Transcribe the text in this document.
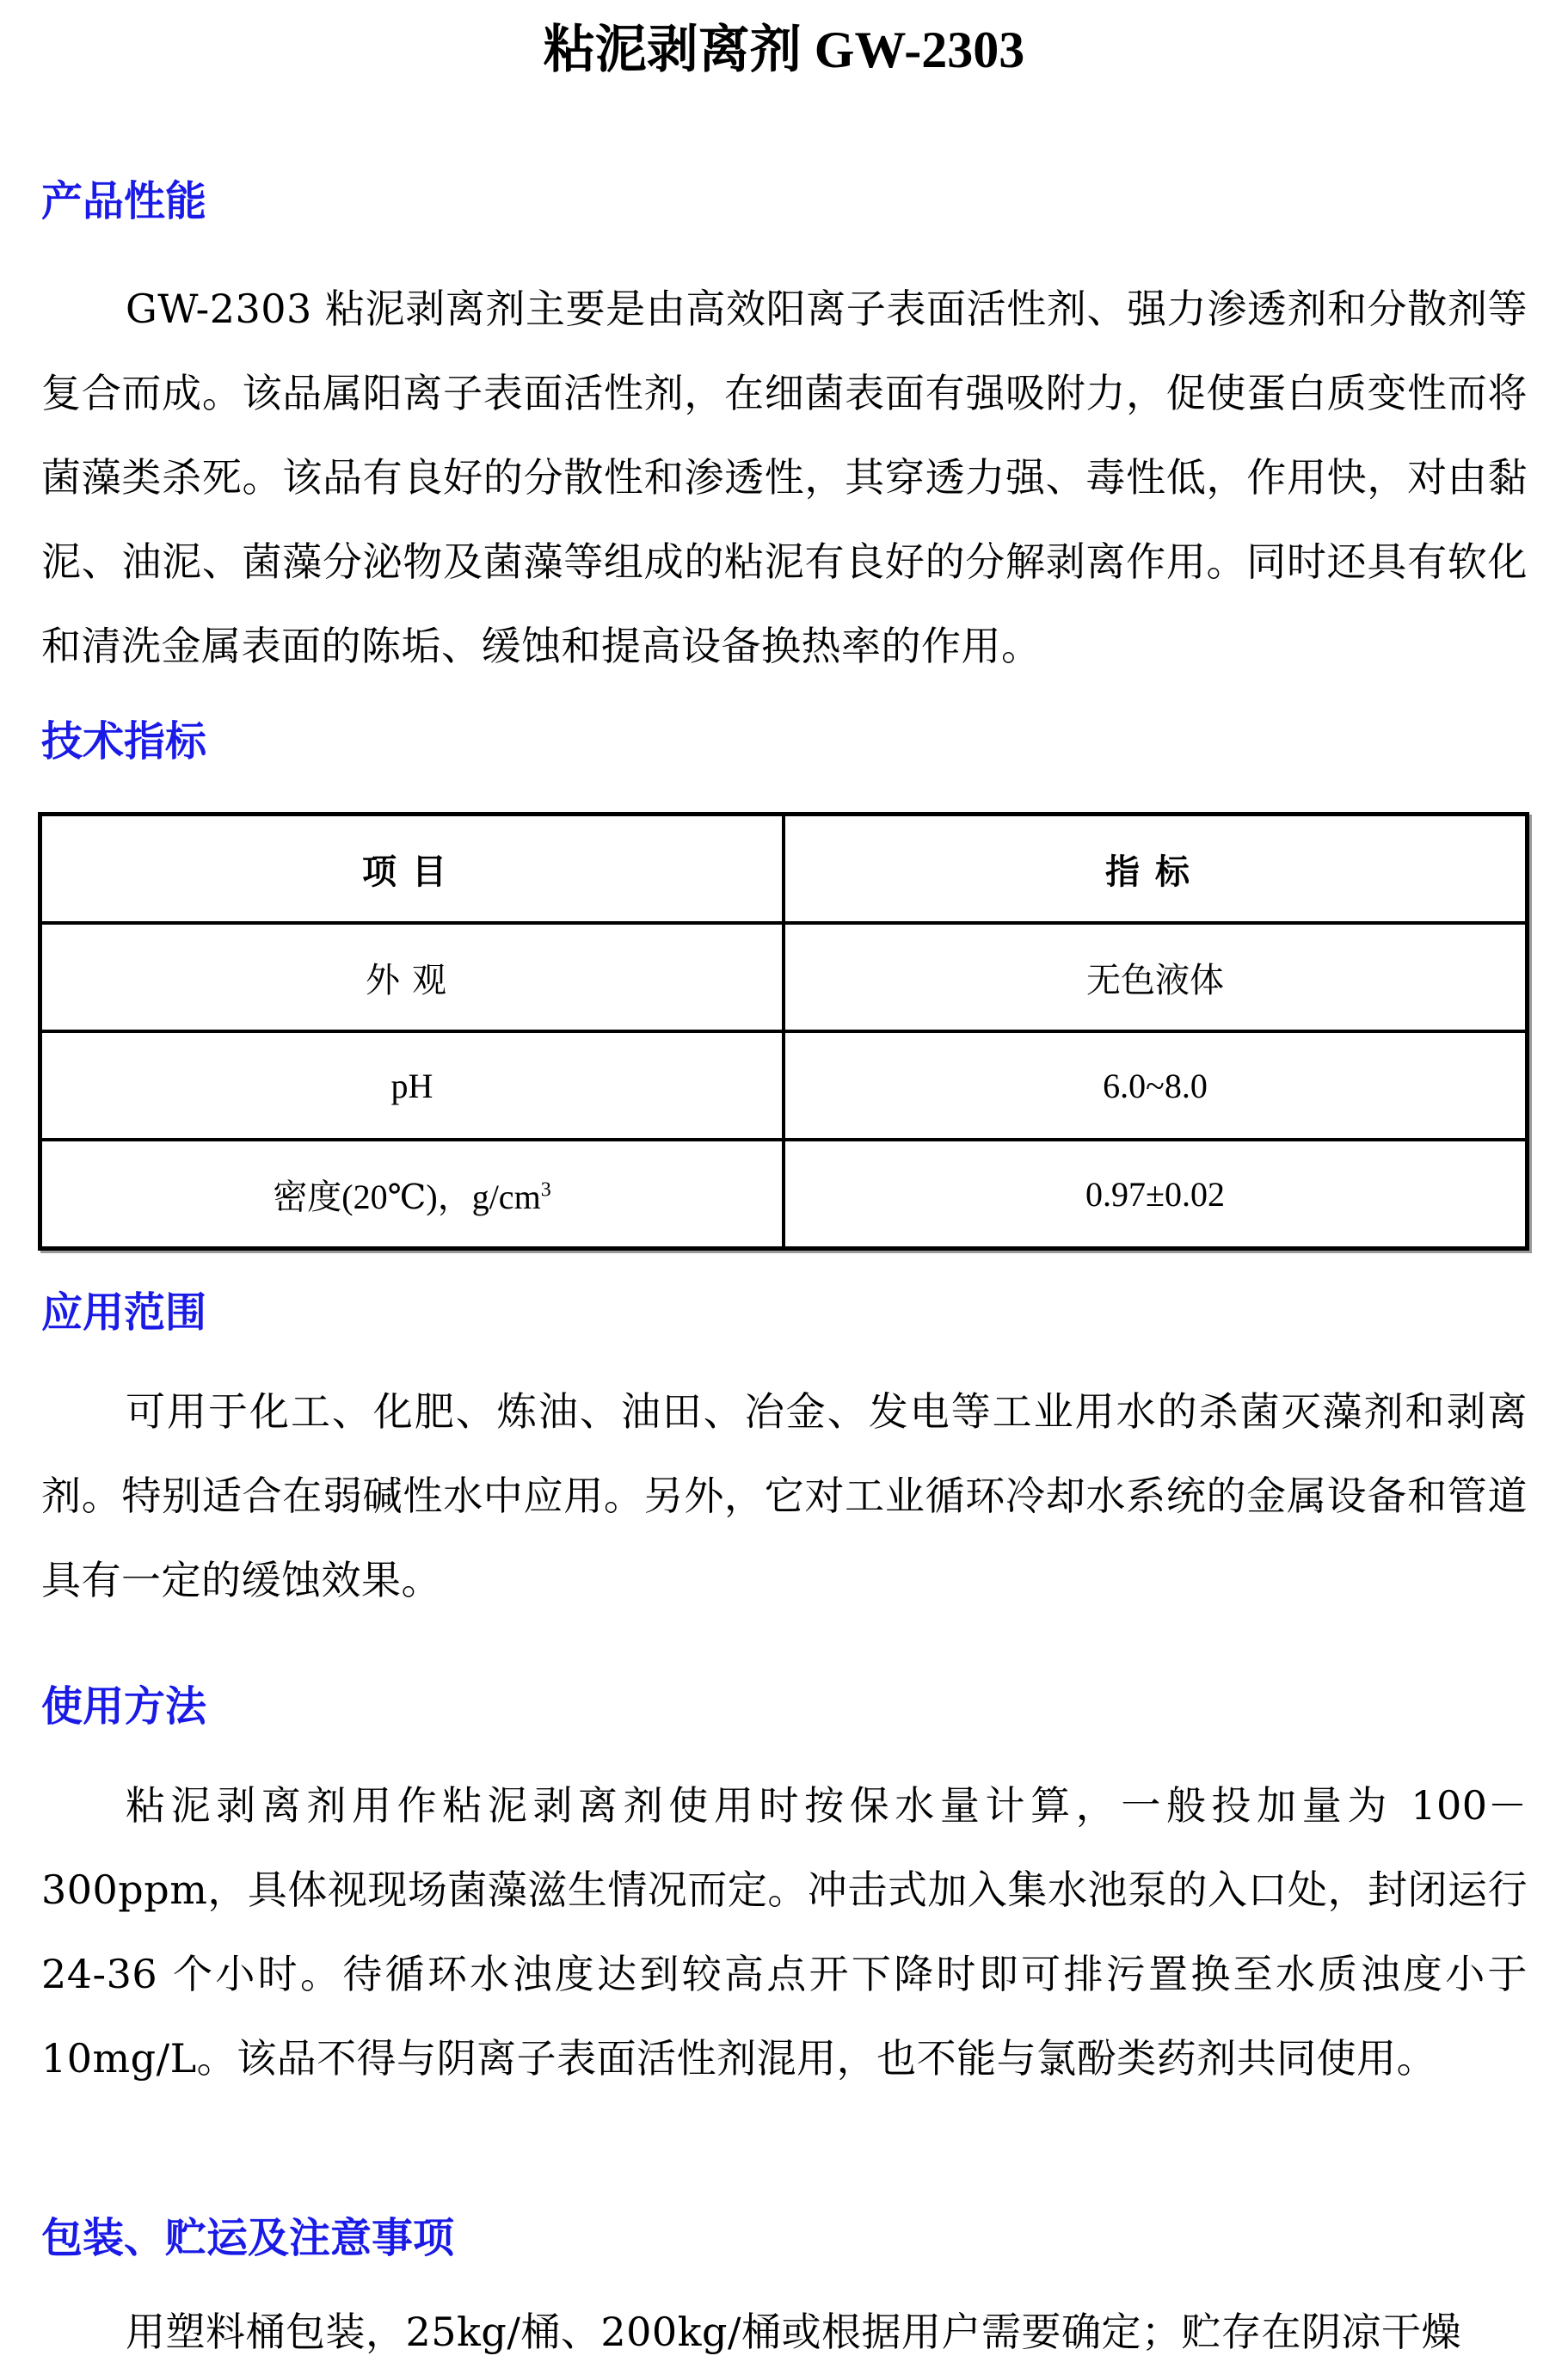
粘泥剥离剂 GW-2303
产品性能

GW-2303 粘泥剥离剂主要是由高效阳离子表面活性剂、强力渗透剂和分散剂等复合而成。该品属阳离子表面活性剂，在细菌表面有强吸附力，促使蛋白质变性而将菌藻类杀死。该品有良好的分散性和渗透性，其穿透力强、毒性低，作用快，对由黏泥、油泥、菌藻分泌物及菌藻等组成的粘泥有良好的分解剥离作用。同时还具有软化和清洗金属表面的陈垢、缓蚀和提高设备换热率的作用。

技术指标
项目	指标
外观	无色液体
pH	6.0~8.0
密度(20℃)，$g/cm^3$	0.97±0.02
应用范围

可用于化工、化肥、炼油、油田、冶金、发电等工业用水的杀菌灭藻剂和剥离剂。特别适合在弱碱性水中应用。另外，它对工业循环冷却水系统的金属设备和管道具有一定的缓蚀效果。

使用方法

粘泥剥离剂用作粘泥剥离剂使用时按保水量计算，一般投加量为 100－300ppm，具体视现场菌藻滋生情况而定。冲击式加入集水池泵的入口处，封闭运行 24-36 个小时。待循环水浊度达到较高点开下降时即可排污置换至水质浊度小于 10mg/L。该品不得与阴离子表面活性剂混用，也不能与氯酚类药剂共同使用。

包装、贮运及注意事项

用塑料桶包装，25kg/桶、200kg/桶或根据用户需要确定；贮存在阴凉干燥
